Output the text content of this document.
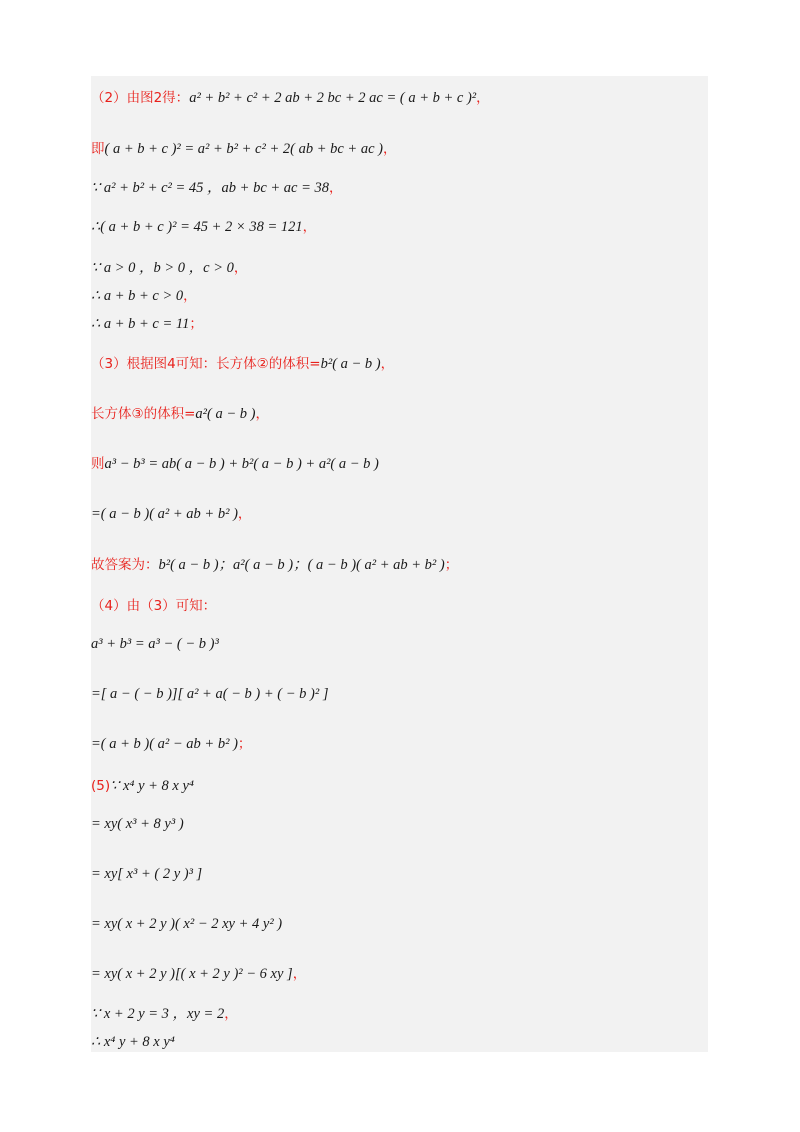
（2）由图2得：a² + b² + c² + 2 ab + 2 bc + 2 ac = ( a + b + c )²，
即( a + b + c )² = a² + b² + c² + 2( ab + bc + ac )，
∵ a² + b² + c² = 45 ，ab + bc + ac = 38，
∴( a + b + c )² = 45 + 2 × 38 = 121，
∵ a > 0 ，b > 0 ，c > 0，
∴ a + b + c > 0，
∴ a + b + c = 11；
（3）根据图4可知：长方体②的体积=b²( a − b )，
长方体③的体积=a²( a − b )，
则a³ − b³ = ab( a − b ) + b²( a − b ) + a²( a − b )
=( a − b )( a² + ab + b² )，
故答案为：b²( a − b )；a²( a − b )；( a − b )( a² + ab + b² )；
（4）由（3）可知：
a³ + b³ = a³ − ( − b )³
=[ a − ( − b )][ a² + a( − b ) + ( − b )² ]
=( a + b )( a² − ab + b² )；
(5)∵ x⁴ y + 8 x y⁴
= xy( x³ + 8 y³ )
= xy[ x³ + ( 2 y )³ ]
= xy( x + 2 y )( x² − 2 xy + 4 y² )
= xy( x + 2 y )[( x + 2 y )² − 6 xy ]，
∵ x + 2 y = 3 ，xy = 2，
∴ x⁴ y + 8 x y⁴
